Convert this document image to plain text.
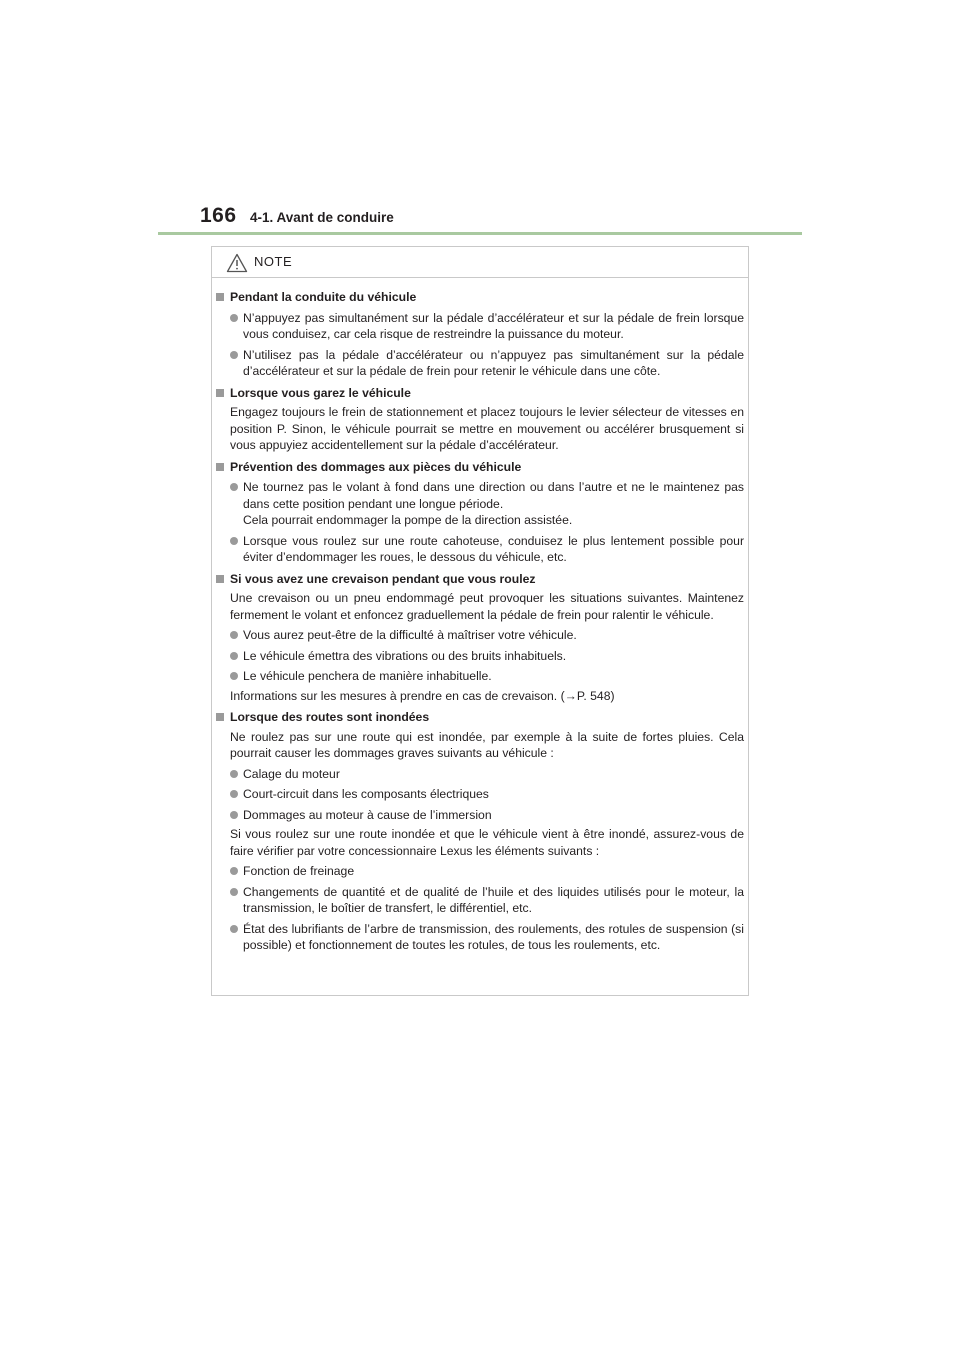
166 4-1. Avant de conduire
NOTE
Pendant la conduite du véhicule
N’appuyez pas simultanément sur la pédale d’accélérateur et sur la pédale de frein lorsque vous conduisez, car cela risque de restreindre la puissance du moteur.
N’utilisez pas la pédale d’accélérateur ou n’appuyez pas simultanément sur la pédale d’accélérateur et sur la pédale de frein pour retenir le véhicule dans une côte.
Lorsque vous garez le véhicule
Engagez toujours le frein de stationnement et placez toujours le levier sélecteur de vitesses en position P. Sinon, le véhicule pourrait se mettre en mouvement ou accélérer brusquement si vous appuyiez accidentellement sur la pédale d’accélérateur.
Prévention des dommages aux pièces du véhicule
Ne tournez pas le volant à fond dans une direction ou dans l’autre et ne le maintenez pas dans cette position pendant une longue période.
Cela pourrait endommager la pompe de la direction assistée.
Lorsque vous roulez sur une route cahoteuse, conduisez le plus lentement possible pour éviter d’endommager les roues, le dessous du véhicule, etc.
Si vous avez une crevaison pendant que vous roulez
Une crevaison ou un pneu endommagé peut provoquer les situations suivantes. Maintenez fermement le volant et enfoncez graduellement la pédale de frein pour ralentir le véhicule.
Vous aurez peut-être de la difficulté à maîtriser votre véhicule.
Le véhicule émettra des vibrations ou des bruits inhabituels.
Le véhicule penchera de manière inhabituelle.
Informations sur les mesures à prendre en cas de crevaison. (→P. 548)
Lorsque des routes sont inondées
Ne roulez pas sur une route qui est inondée, par exemple à la suite de fortes pluies. Cela pourrait causer les dommages graves suivants au véhicule :
Calage du moteur
Court-circuit dans les composants électriques
Dommages au moteur à cause de l’immersion
Si vous roulez sur une route inondée et que le véhicule vient à être inondé, assurez-vous de faire vérifier par votre concessionnaire Lexus les éléments suivants :
Fonction de freinage
Changements de quantité et de qualité de l’huile et des liquides utilisés pour le moteur, la transmission, le boîtier de transfert, le différentiel, etc.
État des lubrifiants de l’arbre de transmission, des roulements, des rotules de suspension (si possible) et fonctionnement de toutes les rotules, de tous les roulements, etc.
